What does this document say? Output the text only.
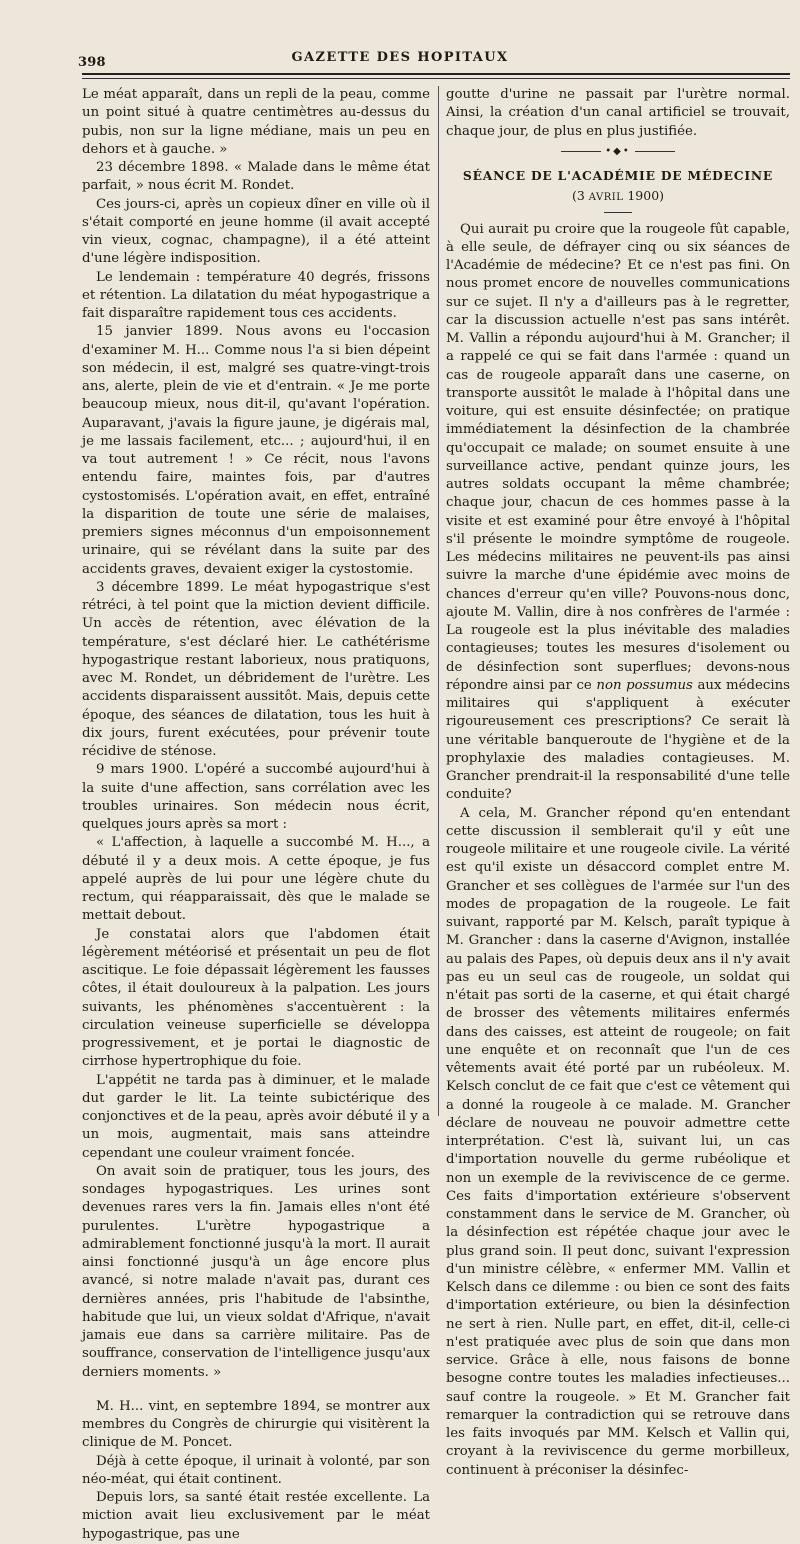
398	GAZETTE DES HOPITAUX

Le méat apparaît, dans un repli de la peau, comme un point situé à quatre centimètres au-dessus du pubis, non sur la ligne médiane, mais un peu en dehors et à gauche. »

23 décembre 1898. « Malade dans le même état parfait, » nous écrit M. Rondet.

Ces jours-ci, après un copieux dîner en ville où il s'était comporté en jeune homme (il avait accepté vin vieux, cognac, champagne), il a été atteint d'une légère indisposition.

Le lendemain : température 40 degrés, frissons et rétention. La dilatation du méat hypogastrique a fait disparaître rapidement tous ces accidents.

15 janvier 1899. Nous avons eu l'occasion d'examiner M. H... Comme nous l'a si bien dépeint son médecin, il est, malgré ses quatre-vingt-trois ans, alerte, plein de vie et d'entrain. « Je me porte beaucoup mieux, nous dit-il, qu'avant l'opération. Auparavant, j'avais la figure jaune, je digérais mal, je me lassais facilement, etc... ; aujourd'hui, il en va tout autrement ! » Ce récit, nous l'avons entendu faire, maintes fois, par d'autres cystostomisés. L'opération avait, en effet, entraîné la disparition de toute une série de malaises, premiers signes méconnus d'un empoisonnement urinaire, qui se révélant dans la suite par des accidents graves, devaient exiger la cystostomie.

3 décembre 1899. Le méat hypogastrique s'est rétréci, à tel point que la miction devient difficile. Un accès de rétention, avec élévation de la température, s'est déclaré hier. Le cathétérisme hypogastrique restant laborieux, nous pratiquons, avec M. Rondet, un débridement de l'urètre. Les accidents disparaissent aussitôt. Mais, depuis cette époque, des séances de dilatation, tous les huit à dix jours, furent exécutées, pour prévenir toute récidive de sténose.

9 mars 1900. L'opéré a succombé aujourd'hui à la suite d'une affection, sans corrélation avec les troubles urinaires. Son médecin nous écrit, quelques jours après sa mort :

« L'affection, à laquelle a succombé M. H..., a débuté il y a deux mois. A cette époque, je fus appelé auprès de lui pour une légère chute du rectum, qui réapparaissait, dès que le malade se mettait debout.

Je constatai alors que l'abdomen était légèrement météorisé et présentait un peu de flot ascitique. Le foie dépassait légèrement les fausses côtes, il était douloureux à la palpation. Les jours suivants, les phénomènes s'accentuèrent : la circulation veineuse superficielle se développa progressivement, et je portai le diagnostic de cirrhose hypertrophique du foie.

L'appétit ne tarda pas à diminuer, et le malade dut garder le lit. La teinte subictérique des conjonctives et de la peau, après avoir débuté il y a un mois, augmentait, mais sans atteindre cependant une couleur vraiment foncée.

On avait soin de pratiquer, tous les jours, des sondages hypogastriques. Les urines sont devenues rares vers la fin. Jamais elles n'ont été purulentes. L'urètre hypogastrique a admirablement fonctionné jusqu'à la mort. Il aurait ainsi fonctionné jusqu'à un âge encore plus avancé, si notre malade n'avait pas, durant ces dernières années, pris l'habitude de l'absinthe, habitude que lui, un vieux soldat d'Afrique, n'avait jamais eue dans sa carrière militaire. Pas de souffrance, conservation de l'intelligence jusqu'aux derniers moments. »

M. H... vint, en septembre 1894, se montrer aux membres du Congrès de chirurgie qui visitèrent la clinique de M. Poncet.

Déjà à cette époque, il urinait à volonté, par son néo-méat, qui était continent.

Depuis lors, sa santé était restée excellente. La miction avait lieu exclusivement par le méat hypogastrique, pas une

goutte d'urine ne passait par l'urètre normal. Ainsi, la création d'un canal artificiel se trouvait, chaque jour, de plus en plus justifiée.

•◆•
SÉANCE DE L'ACADÉMIE DE MÉDECINE
(3 AVRIL 1900)

Qui aurait pu croire que la rougeole fût capable, à elle seule, de défrayer cinq ou six séances de l'Académie de médecine? Et ce n'est pas fini. On nous promet encore de nouvelles communications sur ce sujet. Il n'y a d'ailleurs pas à le regretter, car la discussion actuelle n'est pas sans intérêt. M. Vallin a répondu aujourd'hui à M. Grancher; il a rappelé ce qui se fait dans l'armée : quand un cas de rougeole apparaît dans une caserne, on transporte aussitôt le malade à l'hôpital dans une voiture, qui est ensuite désinfectée; on pratique immédiatement la désinfection de la chambrée qu'occupait ce malade; on soumet ensuite à une surveillance active, pendant quinze jours, les autres soldats occupant la même chambrée; chaque jour, chacun de ces hommes passe à la visite et est examiné pour être envoyé à l'hôpital s'il présente le moindre symptôme de rougeole. Les médecins militaires ne peuvent-ils pas ainsi suivre la marche d'une épidémie avec moins de chances d'erreur qu'en ville? Pouvons-nous donc, ajoute M. Vallin, dire à nos confrères de l'armée : La rougeole est la plus inévitable des maladies contagieuses; toutes les mesures d'isolement ou de désinfection sont superflues; devons-nous répondre ainsi par ce non possumus aux médecins militaires qui s'appliquent à exécuter rigoureusement ces prescriptions? Ce serait là une véritable banqueroute de l'hygiène et de la prophylaxie des maladies contagieuses. M. Grancher prendrait-il la responsabilité d'une telle conduite?

A cela, M. Grancher répond qu'en entendant cette discussion il semblerait qu'il y eût une rougeole militaire et une rougeole civile. La vérité est qu'il existe un désaccord complet entre M. Grancher et ses collègues de l'armée sur l'un des modes de propagation de la rougeole. Le fait suivant, rapporté par M. Kelsch, paraît typique à M. Grancher : dans la caserne d'Avignon, installée au palais des Papes, où depuis deux ans il n'y avait pas eu un seul cas de rougeole, un soldat qui n'était pas sorti de la caserne, et qui était chargé de brosser des vêtements militaires enfermés dans des caisses, est atteint de rougeole; on fait une enquête et on reconnaît que l'un de ces vêtements avait été porté par un rubéoleux. M. Kelsch conclut de ce fait que c'est ce vêtement qui a donné la rougeole à ce malade. M. Grancher déclare de nouveau ne pouvoir admettre cette interprétation. C'est là, suivant lui, un cas d'importation nouvelle du germe rubéolique et non un exemple de la reviviscence de ce germe. Ces faits d'importation extérieure s'observent constamment dans le service de M. Grancher, où la désinfection est répétée chaque jour avec le plus grand soin. Il peut donc, suivant l'expression d'un ministre célèbre, « enfermer MM. Vallin et Kelsch dans ce dilemme : ou bien ce sont des faits d'importation extérieure, ou bien la désinfection ne sert à rien. Nulle part, en effet, dit-il, celle-ci n'est pratiquée avec plus de soin que dans mon service. Grâce à elle, nous faisons de bonne besogne contre toutes les maladies infectieuses... sauf contre la rougeole. » Et M. Grancher fait remarquer la contradiction qui se retrouve dans les faits invoqués par MM. Kelsch et Vallin qui, croyant à la reviviscence du germe morbilleux, continuent à préconiser la désinfec-
